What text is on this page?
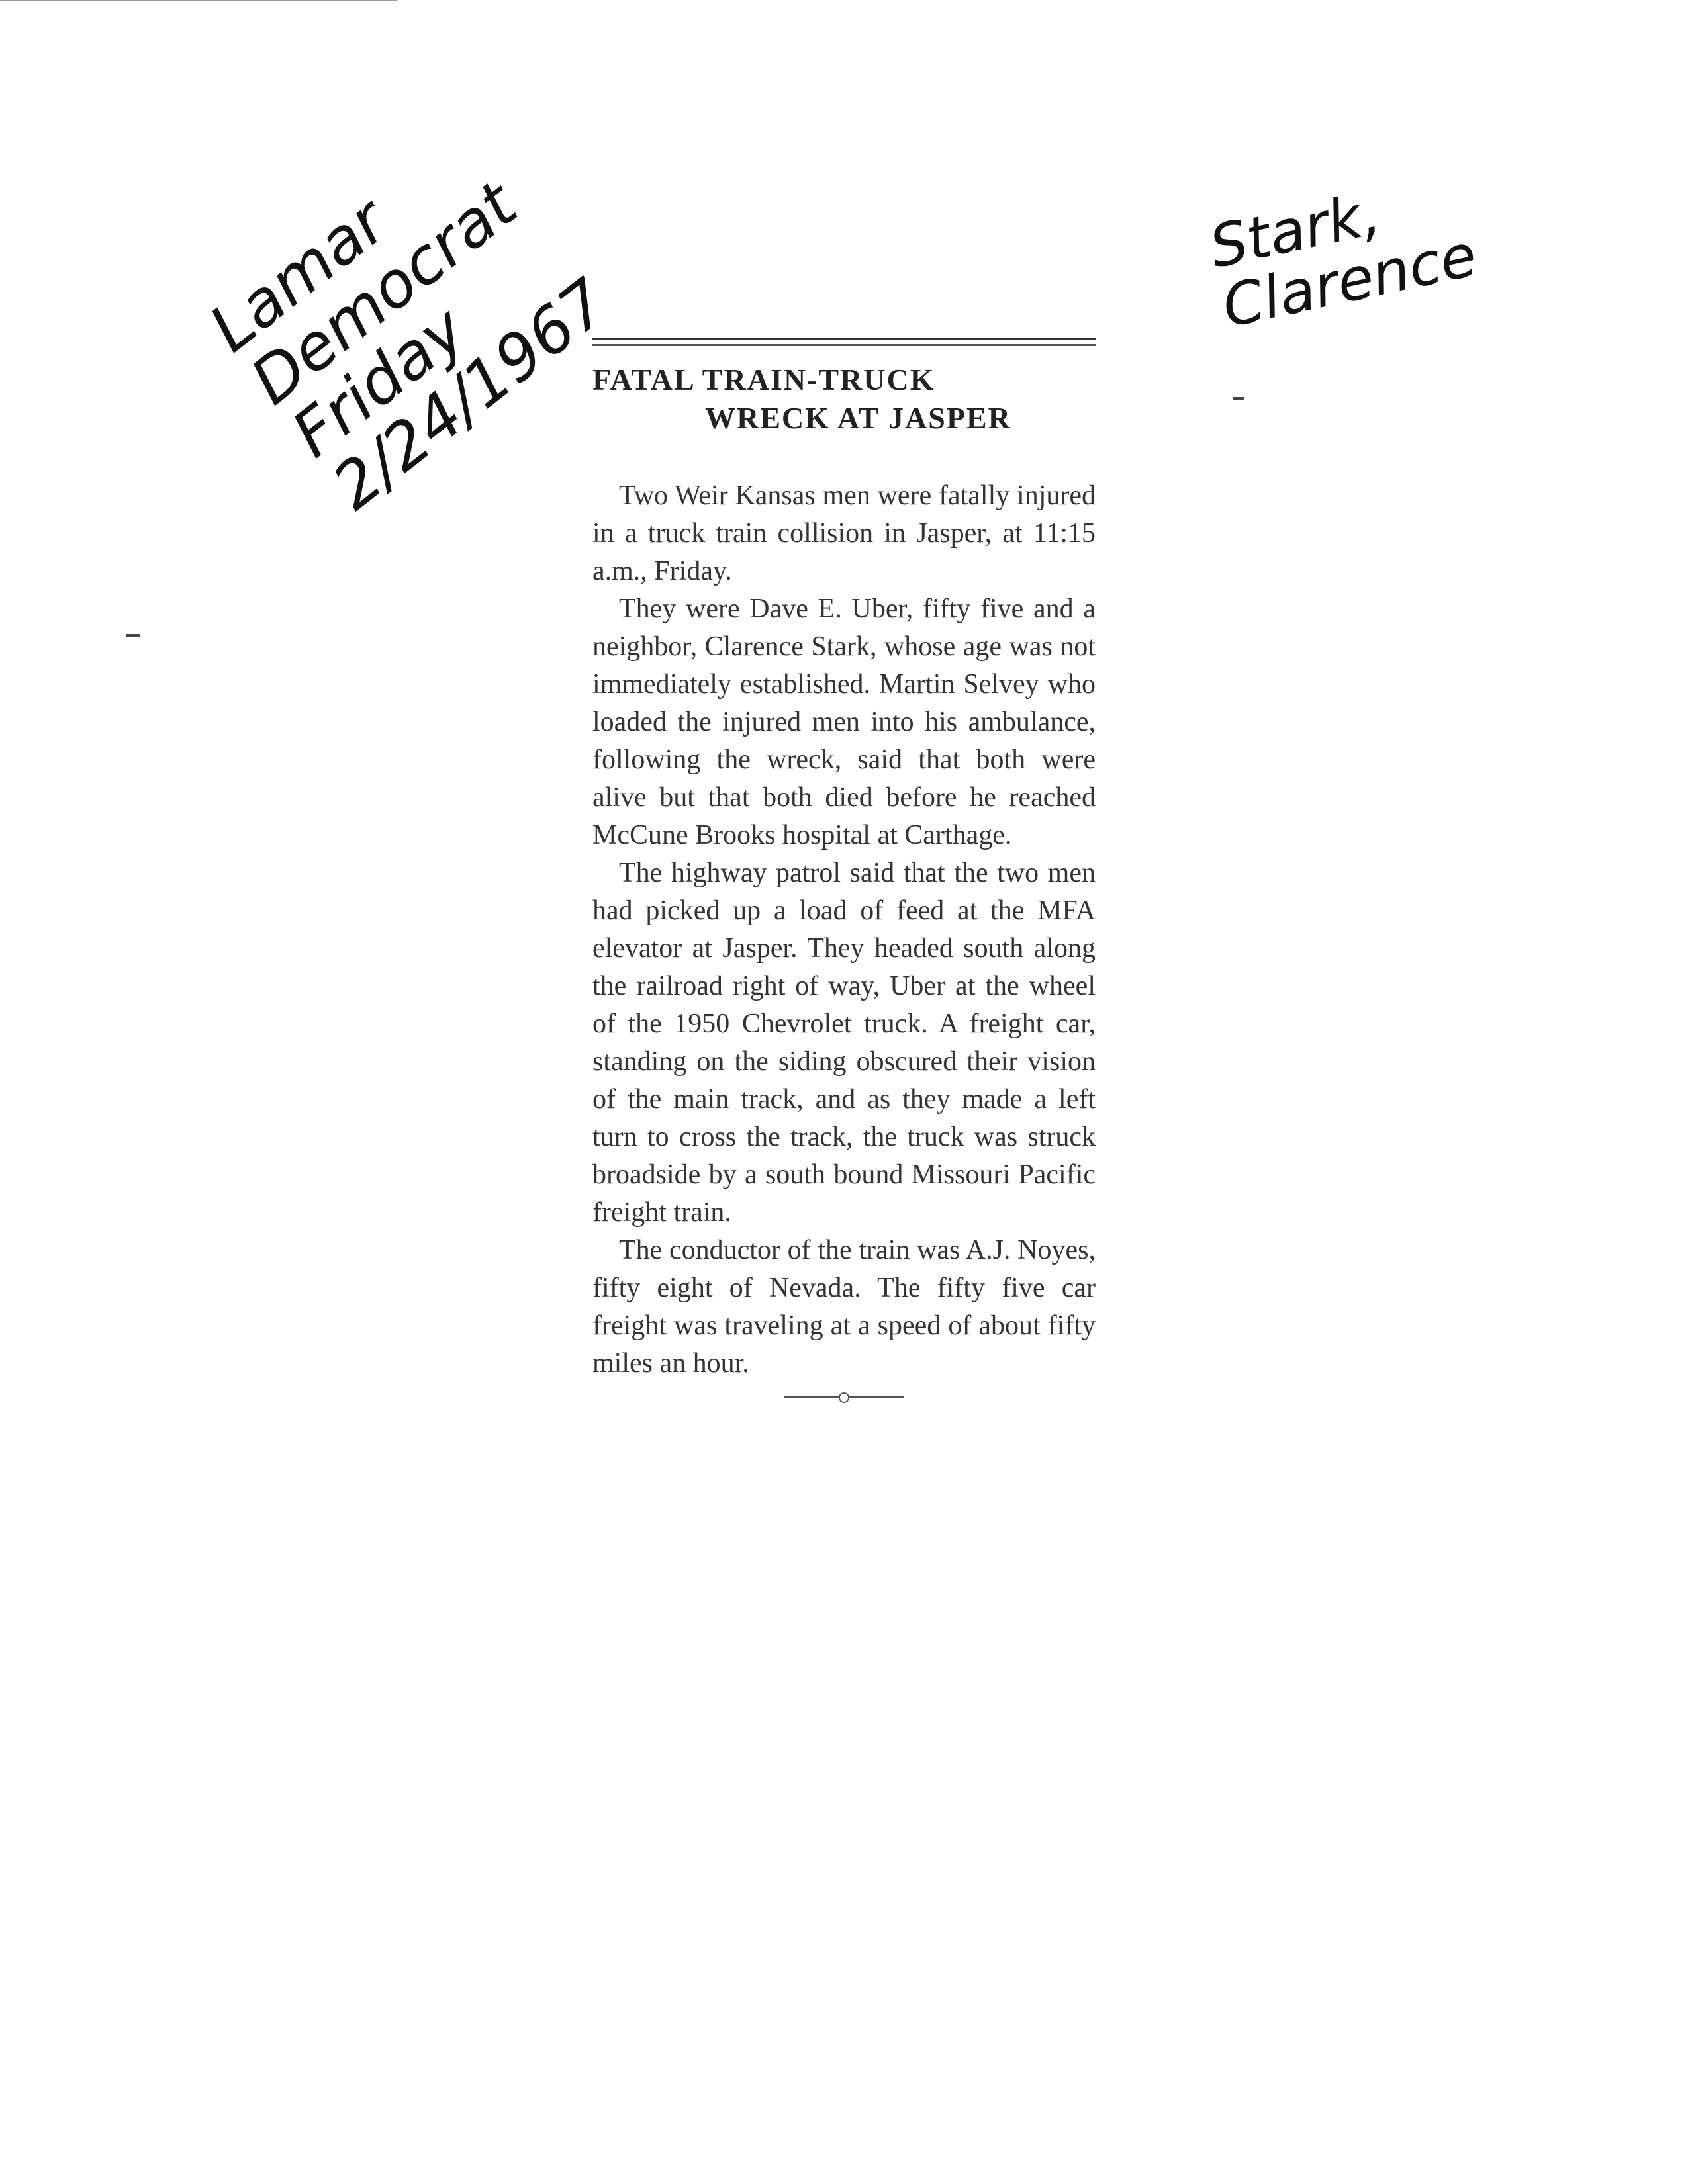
Lamar
Democrat
Friday
2/24/1967
Stark,
Clarence
FATAL TRAIN-TRUCK
WRECK AT JASPER

Two Weir Kansas men were fatally injured in a truck train collision in Jasper, at 11:15 a.m., Friday.

They were Dave E. Uber, fifty five and a neighbor, Clarence Stark, whose age was not immediately established. Martin Selvey who loaded the injured men into his ambulance, following the wreck, said that both were alive but that both died before he reached McCune Brooks hospital at Carthage.

The highway patrol said that the two men had picked up a load of feed at the MFA elevator at Jasper. They headed south along the railroad right of way, Uber at the wheel of the 1950 Chevrolet truck. A freight car, standing on the siding obscured their vision of the main track, and as they made a left turn to cross the track, the truck was struck broadside by a south bound Missouri Pacific freight train.

The conductor of the train was A.J. Noyes, fifty eight of Nevada. The fifty five car freight was traveling at a speed of about fifty miles an hour.
